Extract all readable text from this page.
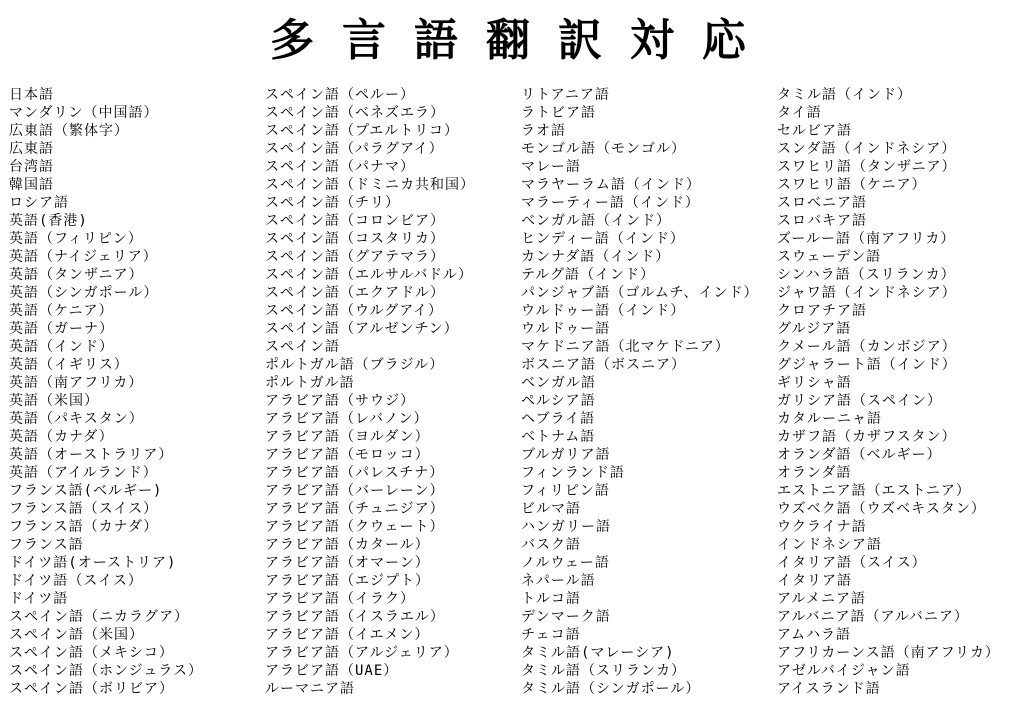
多 言 語 翻 訳 対 応
日本語
マンダリン（中国語）
広東語（繁体字）
広東語
台湾語
韓国語
ロシア語
英語(香港)
英語（フィリピン）
英語（ナイジェリア）
英語（タンザニア）
英語（シンガポール）
英語（ケニア）
英語（ガーナ）
英語（インド）
英語（イギリス）
英語（南アフリカ）
英語（米国）
英語（パキスタン）
英語（カナダ）
英語（オーストラリア）
英語（アイルランド）
フランス語(ベルギー)
フランス語（スイス）
フランス語（カナダ）
フランス語
ドイツ語(オーストリア)
ドイツ語（スイス）
ドイツ語
スペイン語（ニカラグア）
スペイン語（米国）
スペイン語（メキシコ）
スペイン語（ホンジュラス）
スペイン語（ボリビア）
スペイン語（ペルー）
スペイン語（ベネズエラ）
スペイン語（プエルトリコ）
スペイン語（パラグアイ）
スペイン語（パナマ）
スペイン語（ドミニカ共和国）
スペイン語（チリ）
スペイン語（コロンビア）
スペイン語（コスタリカ）
スペイン語（グアテマラ）
スペイン語（エルサルバドル）
スペイン語（エクアドル）
スペイン語（ウルグアイ）
スペイン語（アルゼンチン）
スペイン語
ポルトガル語（ブラジル）
ポルトガル語
アラビア語（サウジ）
アラビア語（レバノン）
アラビア語（ヨルダン）
アラビア語（モロッコ）
アラビア語（パレスチナ）
アラビア語（バーレーン）
アラビア語（チュニジア）
アラビア語（クウェート）
アラビア語（カタール）
アラビア語（オマーン）
アラビア語（エジプト）
アラビア語（イラク）
アラビア語（イスラエル）
アラビア語（イエメン）
アラビア語（アルジェリア）
アラビア語（UAE）
ルーマニア語
リトアニア語
ラトビア語
ラオ語
モンゴル語（モンゴル）
マレー語
マラヤーラム語（インド）
マラーティー語（インド）
ベンガル語（インド）
ヒンディー語（インド）
カンナダ語（インド）
テルグ語（インド）
パンジャブ語（ゴルムチ、インド）
ウルドゥー語（インド）
ウルドゥー語
マケドニア語（北マケドニア）
ボスニア語（ボスニア）
ベンガル語
ペルシア語
ヘブライ語
ベトナム語
ブルガリア語
フィンランド語
フィリピン語
ビルマ語
ハンガリー語
バスク語
ノルウェー語
ネパール語
トルコ語
デンマーク語
チェコ語
タミル語(マレーシア)
タミル語（スリランカ）
タミル語（シンガポール）
タミル語（インド）
タイ語
セルビア語
スンダ語（インドネシア）
スワヒリ語（タンザニア）
スワヒリ語（ケニア）
スロベニア語
スロバキア語
ズールー語（南アフリカ）
スウェーデン語
シンハラ語（スリランカ）
ジャワ語（インドネシア）
クロアチア語
グルジア語
クメール語（カンボジア）
グジャラート語（インド）
ギリシャ語
ガリシア語（スペイン）
カタルーニャ語
カザフ語（カザフスタン）
オランダ語（ベルギー）
オランダ語
エストニア語（エストニア）
ウズベク語（ウズベキスタン）
ウクライナ語
インドネシア語
イタリア語（スイス）
イタリア語
アルメニア語
アルバニア語（アルバニア）
アムハラ語
アフリカーンス語（南アフリカ）
アゼルバイジャン語
アイスランド語
